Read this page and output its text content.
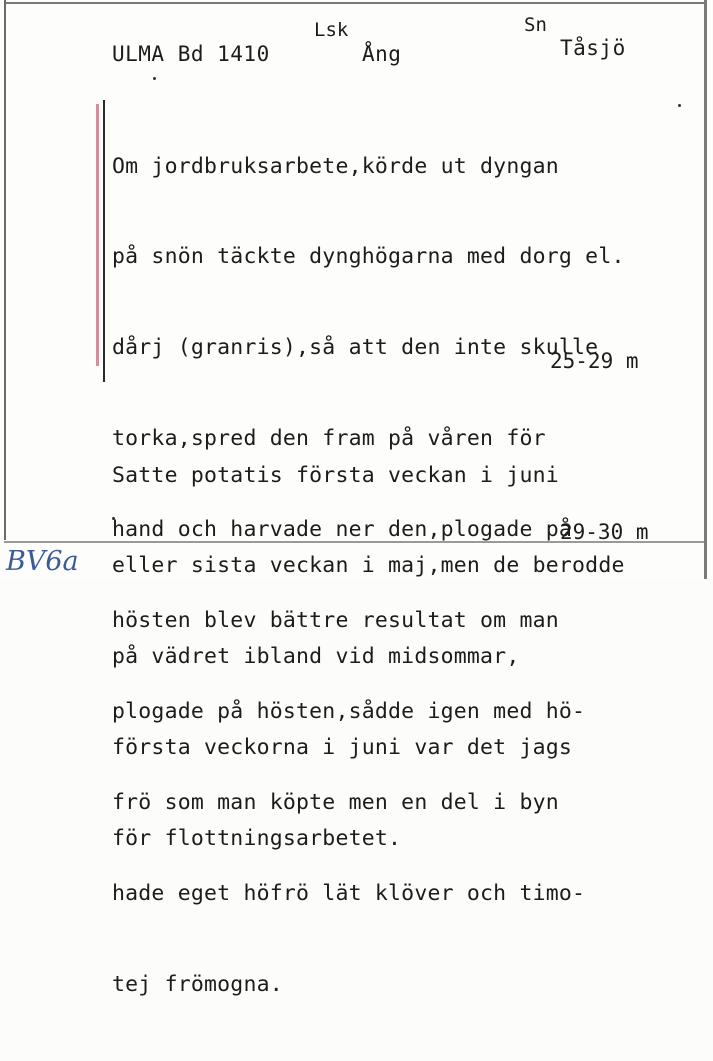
ULMA Bd 1410
Lsk
Ång
Sn
Tåsjö

Om jordbruksarbete,körde ut dyngan

på snön täckte dynghögarna med dorg el.

dårj (granris),så att den inte skulle

torka,spred den fram på våren för

hand och harvade ner den,plogade på

hösten blev bättre resultat om man

plogade på hösten,sådde igen med hö-

frö som man köpte men en del i byn

hade eget höfrö lät klöver och timo-

tej frömogna.

25-29 m

Satte potatis första veckan i juni

eller sista veckan i maj,men de berodde

på vädret ibland vid midsommar,

första veckorna i juni var det jags

för flottningsarbetet.

29-30 m
BV6a
